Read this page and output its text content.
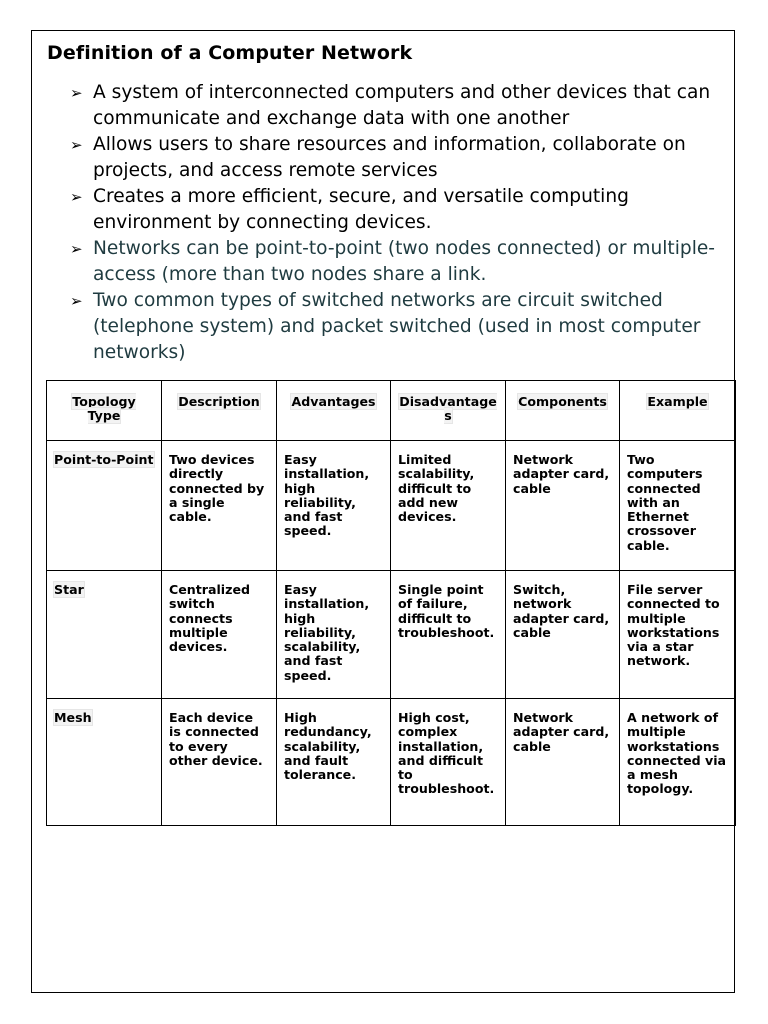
Definition of a Computer Network
➢ A system of interconnected computers and other devices that can communicate and exchange data with one another
➢ Allows users to share resources and information, collaborate on projects, and access remote services
➢ Creates a more efficient, secure, and versatile computing environment by connecting devices.
➢ Networks can be point-to-point (two nodes connected) or multiple-access (more than two nodes share a link.
➢ Two common types of switched networks are circuit switched (telephone system) and packet switched (used in most computer networks)
Topology Type	Description	Advantages	Disadvantages	Components	Example
Point-to-Point	Two devices directly connected by a single cable.	Easy installation, high reliability, and fast speed.	Limited scalability, difficult to add new devices.	Network adapter card, cable	Two computers connected with an Ethernet crossover cable.
Star	Centralized switch connects multiple devices.	Easy installation, high reliability, scalability, and fast speed.	Single point of failure, difficult to troubleshoot.	Switch, network adapter card, cable	File server connected to multiple workstations via a star network.
Mesh	Each device is connected to every other device.	High redundancy, scalability, and fault tolerance.	High cost, complex installation, and difficult to troubleshoot.	Network adapter card, cable	A network of multiple workstations connected via a mesh topology.
